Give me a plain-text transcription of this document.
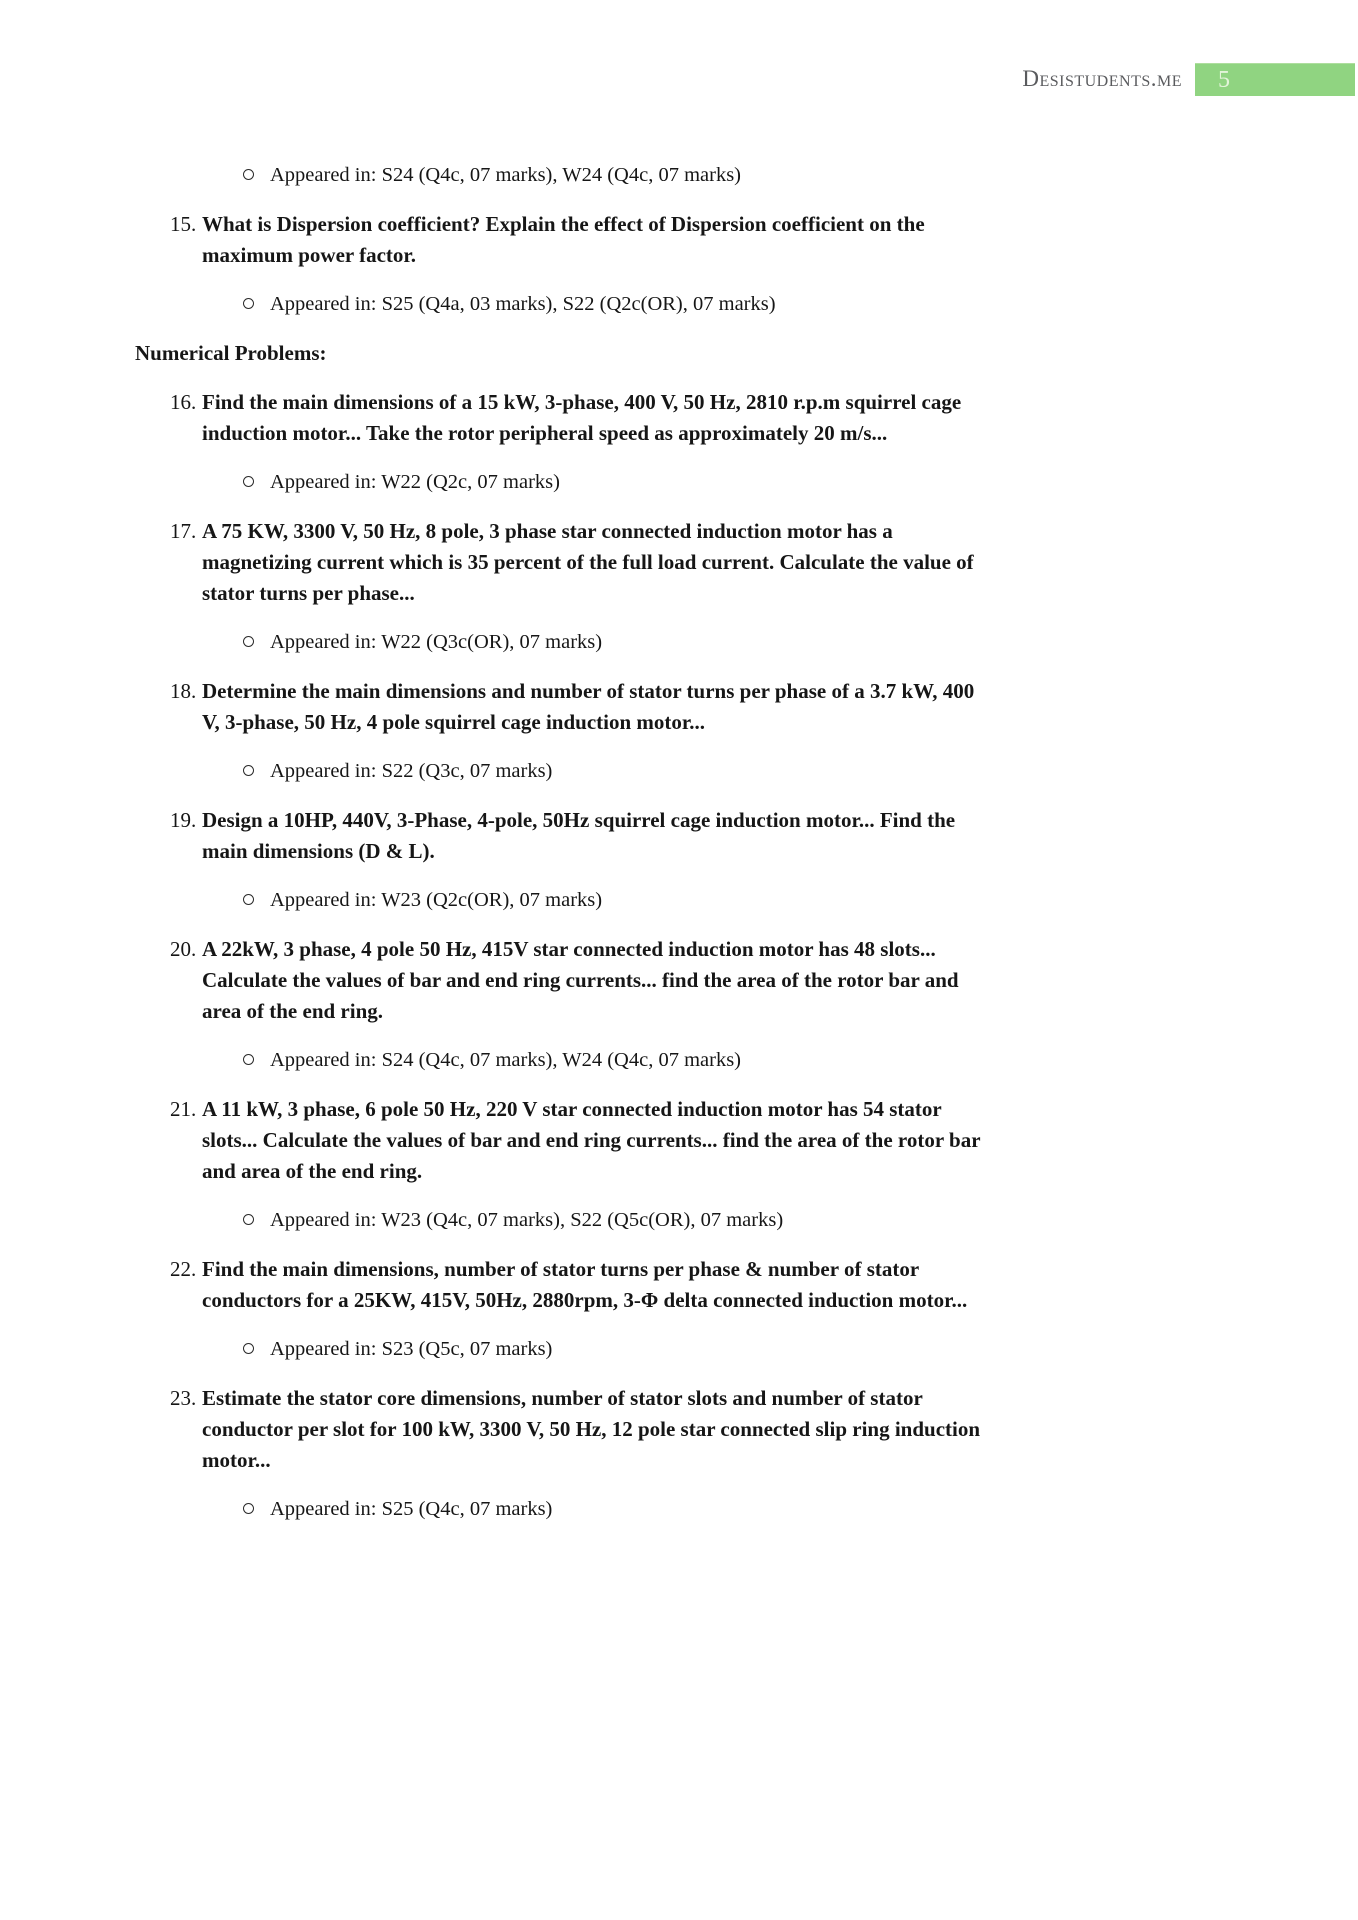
Desistudents.me 5
Appeared in: S24 (Q4c, 07 marks), W24 (Q4c, 07 marks)
15. What is Dispersion coefficient? Explain the effect of Dispersion coefficient on the
maximum power factor.
Appeared in: S25 (Q4a, 03 marks), S22 (Q2c(OR), 07 marks)
Numerical Problems:
16. Find the main dimensions of a 15 kW, 3-phase, 400 V, 50 Hz, 2810 r.p.m squirrel cage
induction motor... Take the rotor peripheral speed as approximately 20 m/s...
Appeared in: W22 (Q2c, 07 marks)
17. A 75 KW, 3300 V, 50 Hz, 8 pole, 3 phase star connected induction motor has a
magnetizing current which is 35 percent of the full load current. Calculate the value of
stator turns per phase...
Appeared in: W22 (Q3c(OR), 07 marks)
18. Determine the main dimensions and number of stator turns per phase of a 3.7 kW, 400
V, 3-phase, 50 Hz, 4 pole squirrel cage induction motor...
Appeared in: S22 (Q3c, 07 marks)
19. Design a 10HP, 440V, 3-Phase, 4-pole, 50Hz squirrel cage induction motor... Find the
main dimensions (D & L).
Appeared in: W23 (Q2c(OR), 07 marks)
20. A 22kW, 3 phase, 4 pole 50 Hz, 415V star connected induction motor has 48 slots...
Calculate the values of bar and end ring currents... find the area of the rotor bar and
area of the end ring.
Appeared in: S24 (Q4c, 07 marks), W24 (Q4c, 07 marks)
21. A 11 kW, 3 phase, 6 pole 50 Hz, 220 V star connected induction motor has 54 stator
slots... Calculate the values of bar and end ring currents... find the area of the rotor bar
and area of the end ring.
Appeared in: W23 (Q4c, 07 marks), S22 (Q5c(OR), 07 marks)
22. Find the main dimensions, number of stator turns per phase & number of stator
conductors for a 25KW, 415V, 50Hz, 2880rpm, 3-Φ delta connected induction motor...
Appeared in: S23 (Q5c, 07 marks)
23. Estimate the stator core dimensions, number of stator slots and number of stator
conductor per slot for 100 kW, 3300 V, 50 Hz, 12 pole star connected slip ring induction
motor...
Appeared in: S25 (Q4c, 07 marks)
